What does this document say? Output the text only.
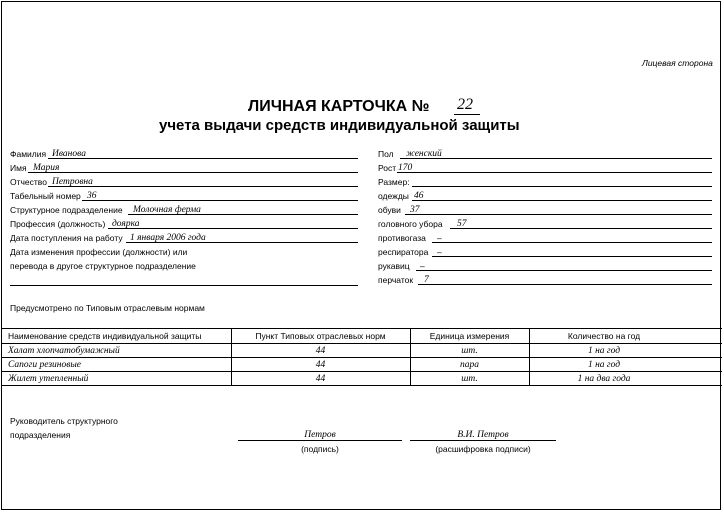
Лицевая сторона
ЛИЧНАЯ КАРТОЧКА № 22
учета выдачи средств индивидуальной защиты
Фамилия Иванова
Имя Мария
Отчество Петровна
Табельный номер 36
Структурное подразделение Молочная ферма
Профессия (должность) доярка
Дата поступления на работу 1 января 2006 года
Дата изменения профессии (должности) или
перевода в другое структурное подразделение
Пол женский
Рост 170
Размер:
одежды 46
обуви 37
головного убора 57
противогаза –
респиратора –
рукавиц –
перчаток 7
Предусмотрено по Типовым отраслевым нормам
Наименование средств индивидуальной защиты	Пункт Типовых отраслевых норм	Единица измерения	Количество на год
Халат хлопчатобумажный	44	шт.	1 на год
Сапоги резиновые	44	пара	1 на год
Жилет утепленный	44	шт.	1 на два года
Руководитель структурного
подразделения	Петров
(подпись)
В.И. Петров
(расшифровка подписи)
